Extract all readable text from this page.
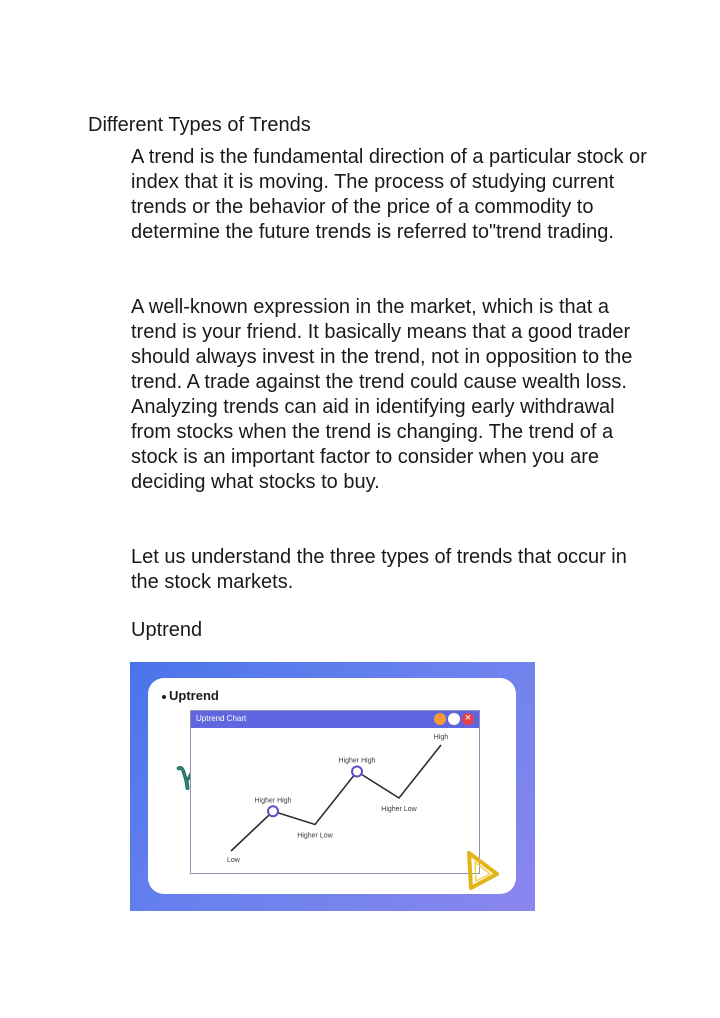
Different Types of Trends

A trend is the fundamental direction of a particular stock or index that it is moving. The process of studying current trends or the behavior of the price of a commodity to determine the future trends is referred to"trend trading.

A well-known expression in the market, which is that a trend is your friend. It basically means that a good trader should always invest in the trend, not in opposition to the trend. A trade against the trend could cause wealth loss. Analyzing trends can aid in identifying early withdrawal from stocks when the trend is changing. The trend of a stock is an important factor to consider when you are deciding what stocks to buy.

Let us understand the three types of trends that occur in the stock markets.

Uptrend

Uptrend
Uptrend Chart
×
Low
Higher High
Higher Low
Higher High
Higher Low
High
